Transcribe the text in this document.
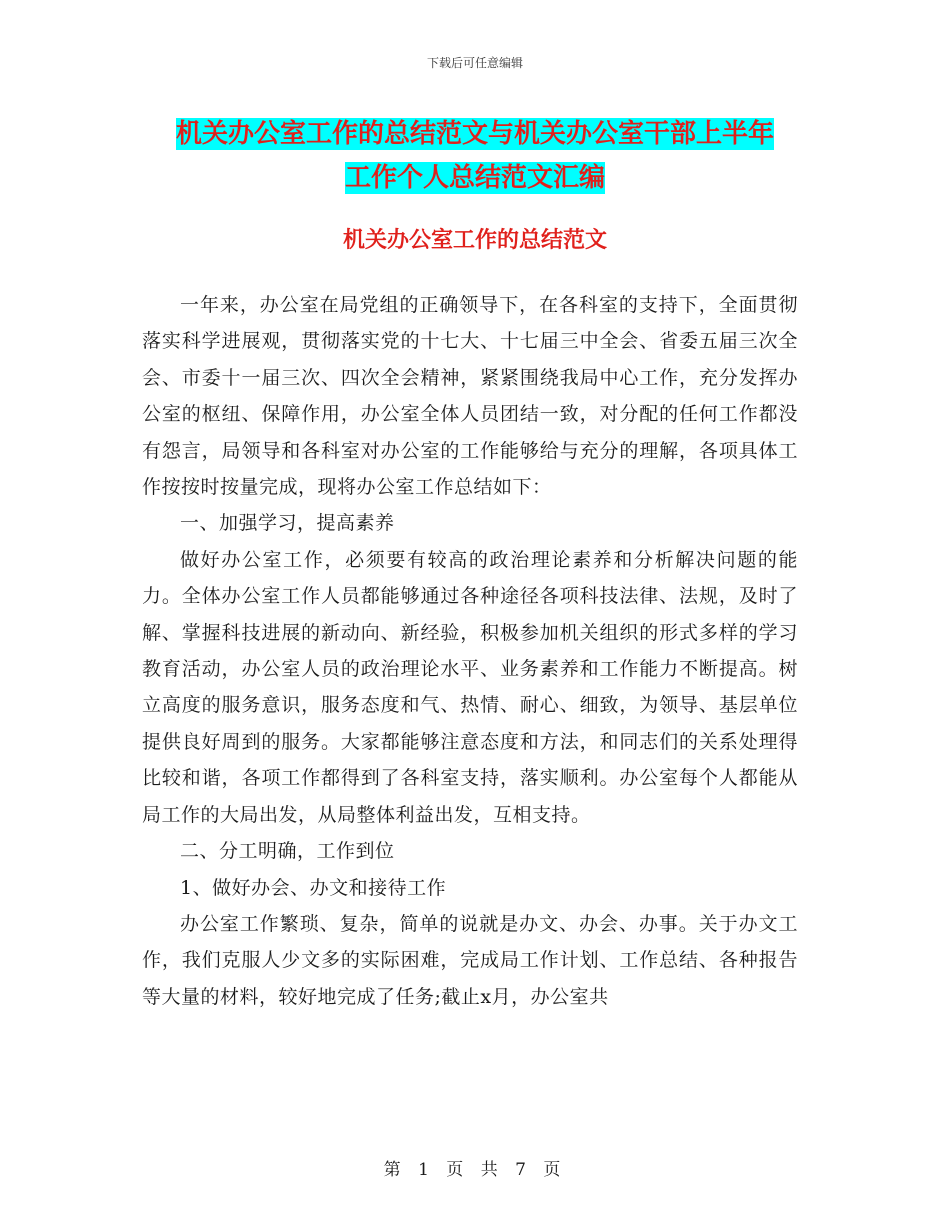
下载后可任意编辑
机关办公室工作的总结范文与机关办公室干部上半年
工作个人总结范文汇编
机关办公室工作的总结范文

一年来，办公室在局党组的正确领导下，在各科室的支持下，全面贯彻落实科学进展观，贯彻落实党的十七大、十七届三中全会、省委五届三次全会、市委十一届三次、四次全会精神，紧紧围绕我局中心工作，充分发挥办公室的枢纽、保障作用，办公室全体人员团结一致，对分配的任何工作都没有怨言，局领导和各科室对办公室的工作能够给与充分的理解，各项具体工作按按时按量完成，现将办公室工作总结如下：

一、加强学习，提高素养

做好办公室工作，必须要有较高的政治理论素养和分析解决问题的能力。全体办公室工作人员都能够通过各种途径各项科技法律、法规，及时了解、掌握科技进展的新动向、新经验，积极参加机关组织的形式多样的学习教育活动，办公室人员的政治理论水平、业务素养和工作能力不断提高。树立高度的服务意识，服务态度和气、热情、耐心、细致，为领导、基层单位提供良好周到的服务。大家都能够注意态度和方法，和同志们的关系处理得比较和谐，各项工作都得到了各科室支持，落实顺利。办公室每个人都能从局工作的大局出发，从局整体利益出发，互相支持。

二、分工明确，工作到位

1、做好办会、办文和接待工作

办公室工作繁琐、复杂，简单的说就是办文、办会、办事。关于办文工作，我们克服人少文多的实际困难，完成局工作计划、工作总结、各种报告等大量的材料，较好地完成了任务;截止x月，办公室共

第 1 页 共 7 页
